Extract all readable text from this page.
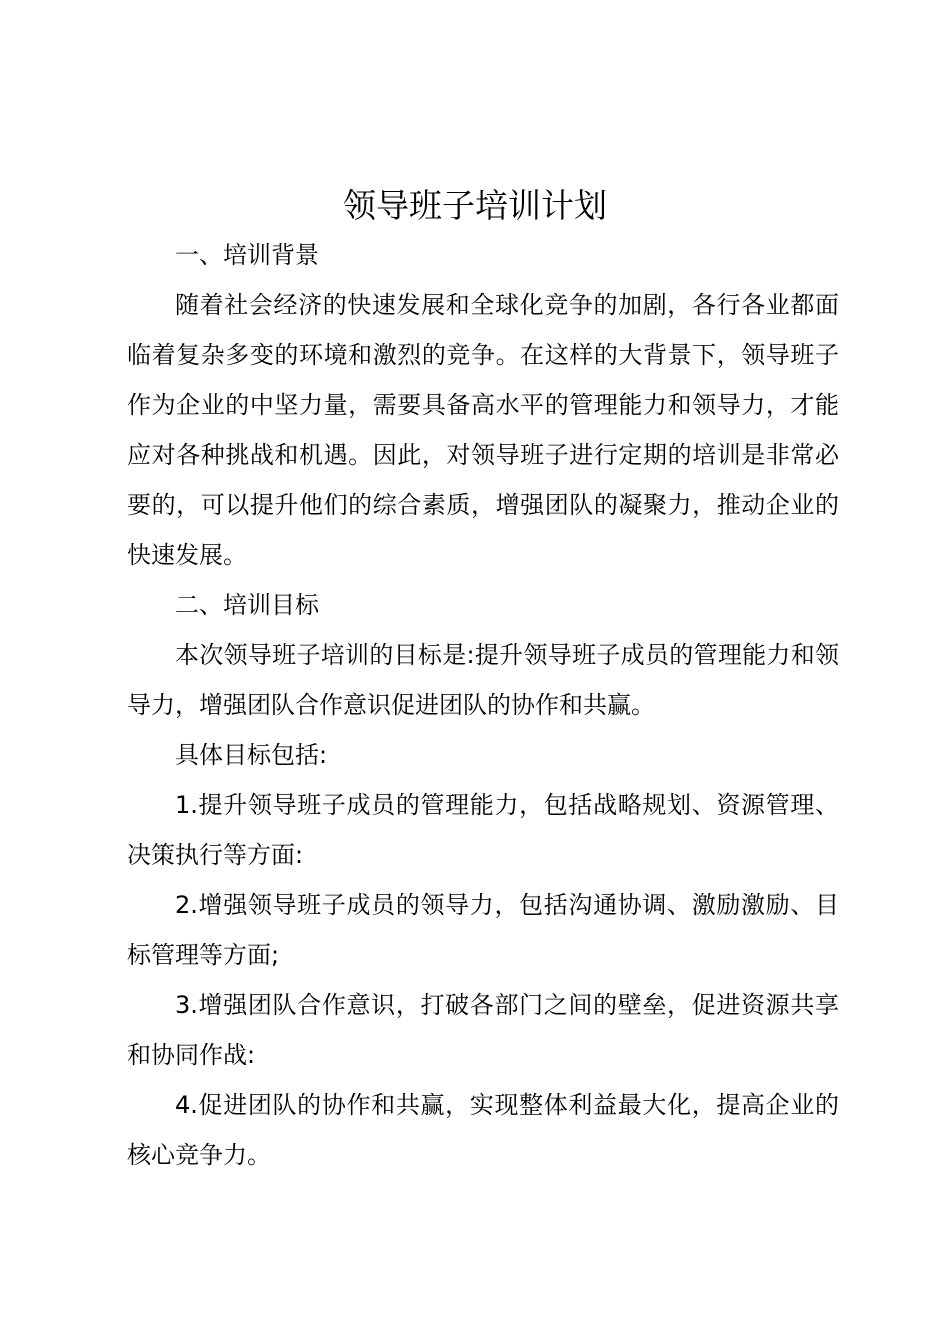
领导班子培训计划

一、培训背景

随着社会经济的快速发展和全球化竞争的加剧，各行各业都面临着复杂多变的环境和激烈的竞争。在这样的大背景下，领导班子作为企业的中坚力量，需要具备高水平的管理能力和领导力，才能应对各种挑战和机遇。因此，对领导班子进行定期的培训是非常必要的，可以提升他们的综合素质，增强团队的凝聚力，推动企业的快速发展。

二、培训目标

本次领导班子培训的目标是:提升领导班子成员的管理能力和领导力，增强团队合作意识促进团队的协作和共赢。

具体目标包括:

1.提升领导班子成员的管理能力，包括战略规划、资源管理、决策执行等方面:

2.增强领导班子成员的领导力，包括沟通协调、激励激励、目标管理等方面;

3.增强团队合作意识，打破各部门之间的壁垒，促进资源共享和协同作战:

4.促进团队的协作和共赢，实现整体利益最大化，提高企业的核心竞争力。
